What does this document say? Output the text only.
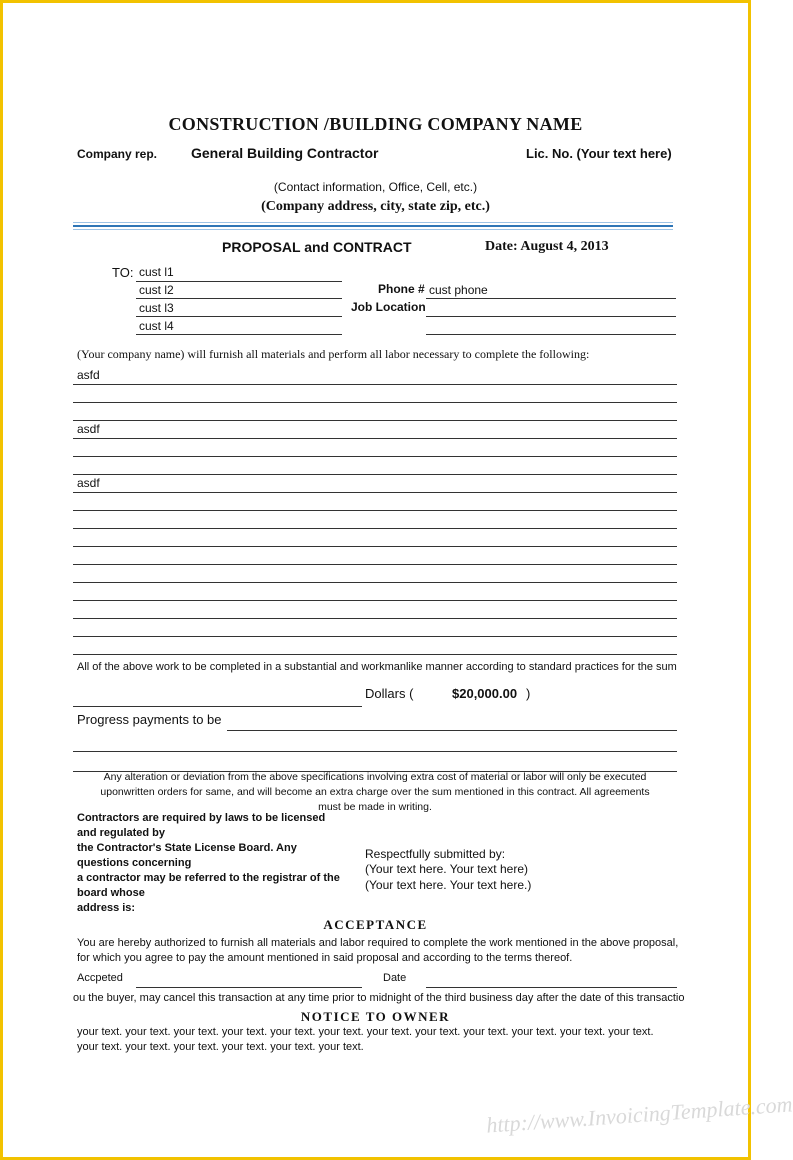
CONSTRUCTION /BUILDING COMPANY NAME
Company rep. General Building Contractor	Lic. No. (Your text here)
(Contact information, Office, Cell, etc.)
(Company address, city, state zip, etc.)
PROPOSAL and CONTRACT	Date: August 4, 2013
TO: cust l1
cust l2
cust l3
cust l4
Phone # cust phone
Job Location
(Your company name) will furnish all materials and perform all labor necessary to complete the following:
asfd
asdf
asdf
All of the above work to be completed in a substantial and workmanlike manner according to standard practices for the sum
Dollars (	$20,000.00 )
Progress payments to be
Any alteration or deviation from the above specifications involving extra cost of material or labor will only be executed
uponwritten orders for same, and will become an extra charge over the sum mentioned in this contract. All agreements
must be made in writing.
Contractors are required by laws to be licensed
and regulated by
the Contractor's State License Board. Any
questions concerning
a contractor may be referred to the registrar of the
board whose
address is:
Respectfully submitted by:
(Your text here. Your text here)
(Your text here. Your text here.)
ACCEPTANCE
You are hereby authorized to furnish all materials and labor required to complete the work mentioned in the above proposal,
for which you agree to pay the amount mentioned in said proposal and according to the terms thereof.
Accpeted	Date
ou the buyer, may cancel this transaction at any time prior to midnight of the third business day after the date of this transactio
NOTICE TO OWNER
your text. your text. your text. your text. your text. your text. your text. your text. your text. your text. your text. your text.
your text. your text. your text. your text. your text. your text.
http://www.InvoicingTemplate.com
